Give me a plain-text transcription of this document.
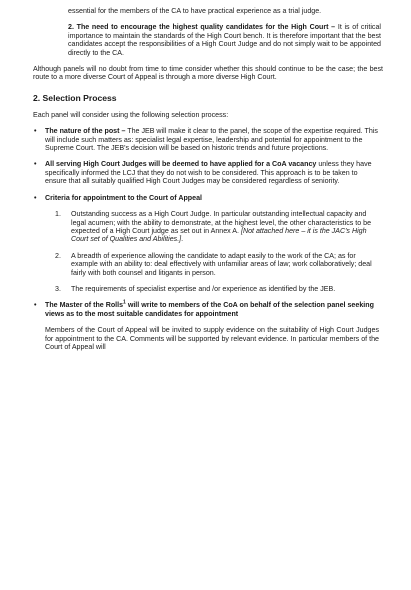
essential for the members of the CA to have practical experience as a trial judge.

2. The need to encourage the highest quality candidates for the High Court – It is of critical importance to maintain the standards of the High Court bench. It is therefore important that the best candidates accept the responsibilities of a High Court Judge and do not simply wait to be appointed directly to the CA.

Although panels will no doubt from time to time consider whether this should continue to be the case; the best route to a more diverse Court of Appeal is through a more diverse High Court.

2. Selection Process

Each panel will consider using the following selection process:

• The nature of the post – The JEB will make it clear to the panel, the scope of the expertise required. This will include such matters as: specialist legal expertise, leadership and potential for appointment to the Supreme Court. The JEB's decision will be based on historic trends and future projections.
• All serving High Court Judges will be deemed to have applied for a CoA vacancy unless they have specifically informed the LCJ that they do not wish to be considered. This approach is to be taken to ensure that all suitably qualified High Court Judges may be considered regardless of seniority.
• Criteria for appointment to the Court of Appeal
1. Outstanding success as a High Court Judge. In particular outstanding intellectual capacity and legal acumen; with the ability to demonstrate, at the highest level, the other characteristics to be expected of a High Court judge as set out in Annex A. [Not attached here – it is the JAC's High Court set of Qualities and Abilities.].
2. A breadth of experience allowing the candidate to adapt easily to the work of the CA; as for example with an ability to: deal effectively with unfamiliar areas of law; work collaboratively; deal fairly with both counsel and litigants in person.
3. The requirements of specialist expertise and /or experience as identified by the JEB.
• The Master of the Rolls$^1$ will write to members of the CoA on behalf of the selection panel seeking views as to the most suitable candidates for appointment

Members of the Court of Appeal will be invited to supply evidence on the suitability of High Court Judges for appointment to the CA. Comments will be supported by relevant evidence. In particular members of the Court of Appeal will
